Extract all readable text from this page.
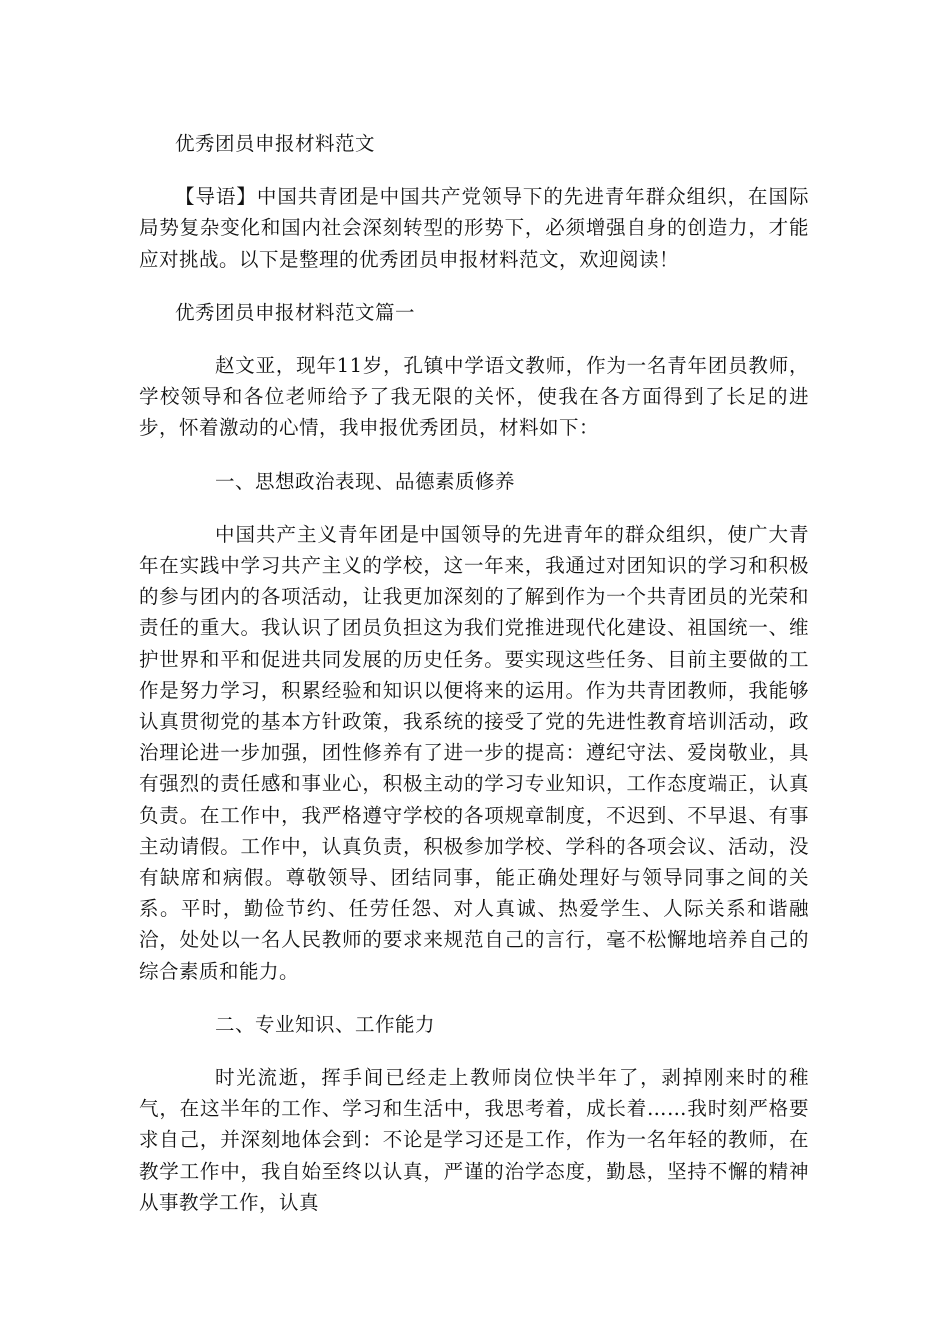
优秀团员申报材料范文

【导语】中国共青团是中国共产党领导下的先进青年群众组织，在国际局势复杂变化和国内社会深刻转型的形势下，必须增强自身的创造力，才能应对挑战。以下是整理的优秀团员申报材料范文，欢迎阅读！

优秀团员申报材料范文篇一

赵文亚，现年11岁，孔镇中学语文教师，作为一名青年团员教师，学校领导和各位老师给予了我无限的关怀，使我在各方面得到了长足的进步，怀着激动的心情，我申报优秀团员，材料如下：

一、思想政治表现、品德素质修养

中国共产主义青年团是中国领导的先进青年的群众组织，使广大青年在实践中学习共产主义的学校，这一年来，我通过对团知识的学习和积极的参与团内的各项活动，让我更加深刻的了解到作为一个共青团员的光荣和责任的重大。我认识了团员负担这为我们党推进现代化建设、祖国统一、维护世界和平和促进共同发展的历史任务。要实现这些任务、目前主要做的工作是努力学习，积累经验和知识以便将来的运用。作为共青团教师，我能够认真贯彻党的基本方针政策，我系统的接受了党的先进性教育培训活动，政治理论进一步加强，团性修养有了进一步的提高：遵纪守法、爱岗敬业，具有强烈的责任感和事业心，积极主动的学习专业知识，工作态度端正，认真负责。在工作中，我严格遵守学校的各项规章制度，不迟到、不早退、有事主动请假。工作中，认真负责，积极参加学校、学科的各项会议、活动，没有缺席和病假。尊敬领导、团结同事，能正确处理好与领导同事之间的关系。平时，勤俭节约、任劳任怨、对人真诚、热爱学生、人际关系和谐融洽，处处以一名人民教师的要求来规范自己的言行，毫不松懈地培养自己的综合素质和能力。

二、专业知识、工作能力

时光流逝，挥手间已经走上教师岗位快半年了，剥掉刚来时的稚气，在这半年的工作、学习和生活中，我思考着，成长着……我时刻严格要求自己，并深刻地体会到：不论是学习还是工作，作为一名年轻的教师，在教学工作中，我自始至终以认真，严谨的治学态度，勤恳，坚持不懈的精神从事教学工作，认真
